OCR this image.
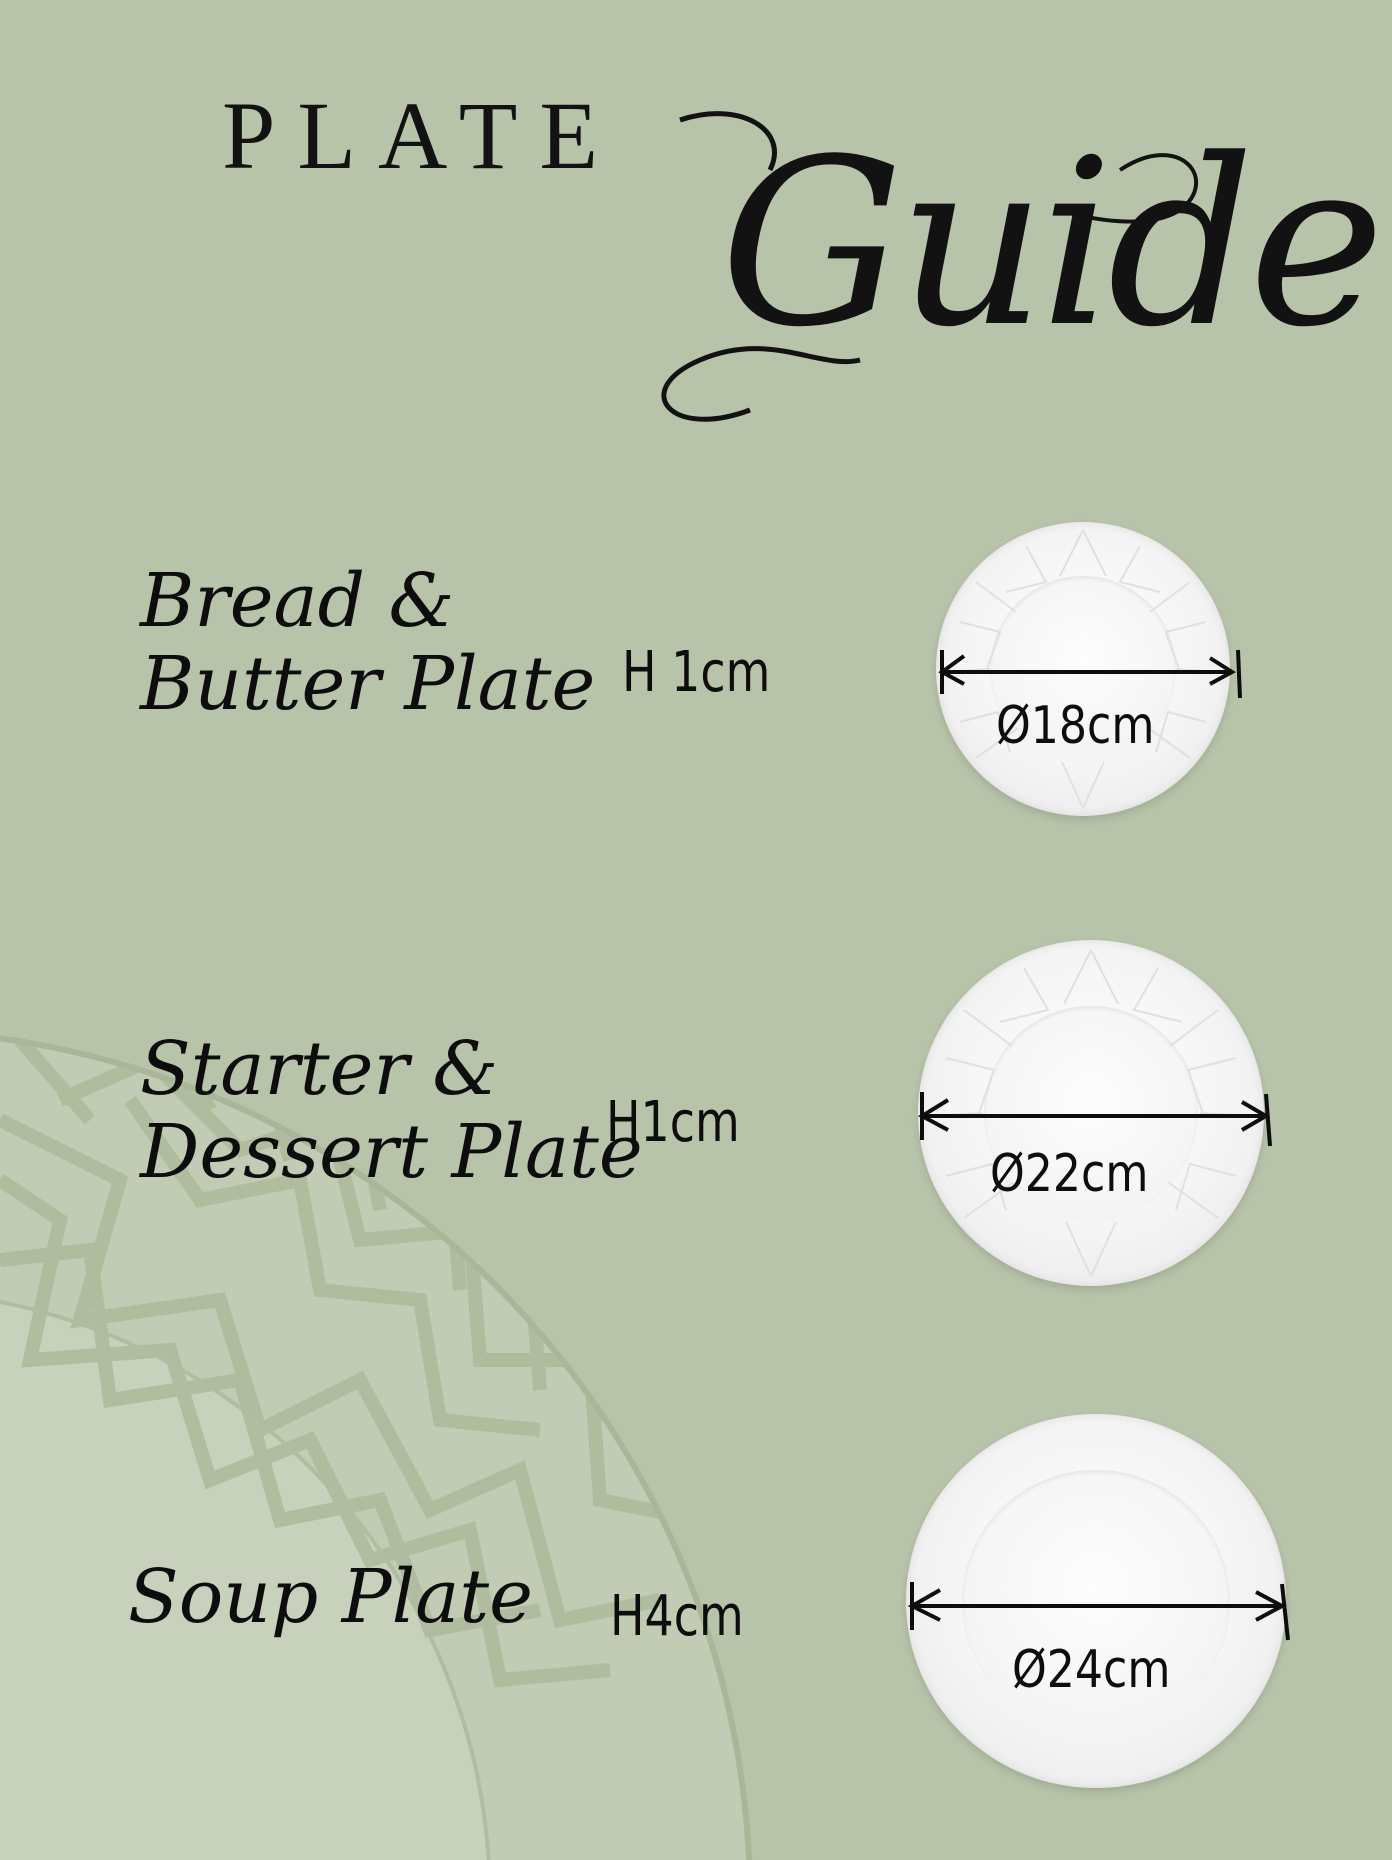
PLATE Guide
Bread &
Butter Plate H 1cm
Ø18cm
Starter &
Dessert Plate
H1cm
Ø22cm
Soup Plate H4cm
Ø24cm
